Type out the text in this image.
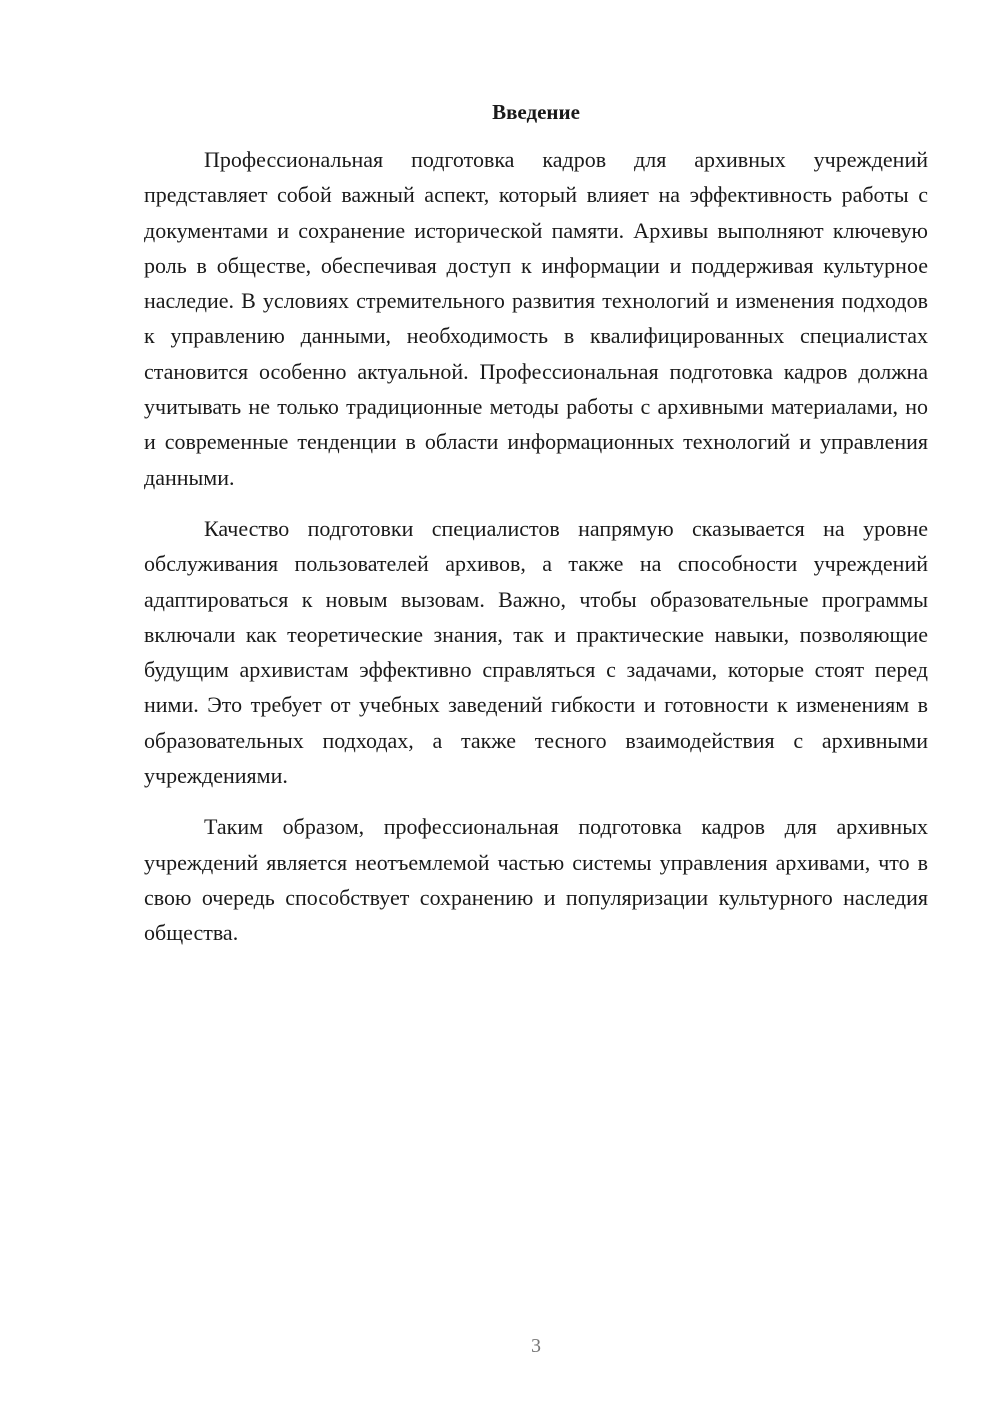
Введение

Профессиональная подготовка кадров для архивных учреждений представляет собой важный аспект, который влияет на эффективность работы с документами и сохранение исторической памяти. Архивы выполняют ключевую роль в обществе, обеспечивая доступ к информации и поддерживая культурное наследие. В условиях стремительного развития технологий и изменения подходов к управлению данными, необходимость в квалифицированных специалистах становится особенно актуальной. Профессиональная подготовка кадров должна учитывать не только традиционные методы работы с архивными материалами, но и современные тенденции в области информационных технологий и управления данными.

Качество подготовки специалистов напрямую сказывается на уровне обслуживания пользователей архивов, а также на способности учреждений адаптироваться к новым вызовам. Важно, чтобы образовательные программы включали как теоретические знания, так и практические навыки, позволяющие будущим архивистам эффективно справляться с задачами, которые стоят перед ними. Это требует от учебных заведений гибкости и готовности к изменениям в образовательных подходах, а также тесного взаимодействия с архивными учреждениями.

Таким образом, профессиональная подготовка кадров для архивных учреждений является неотъемлемой частью системы управления архивами, что в свою очередь способствует сохранению и популяризации культурного наследия общества.

3
